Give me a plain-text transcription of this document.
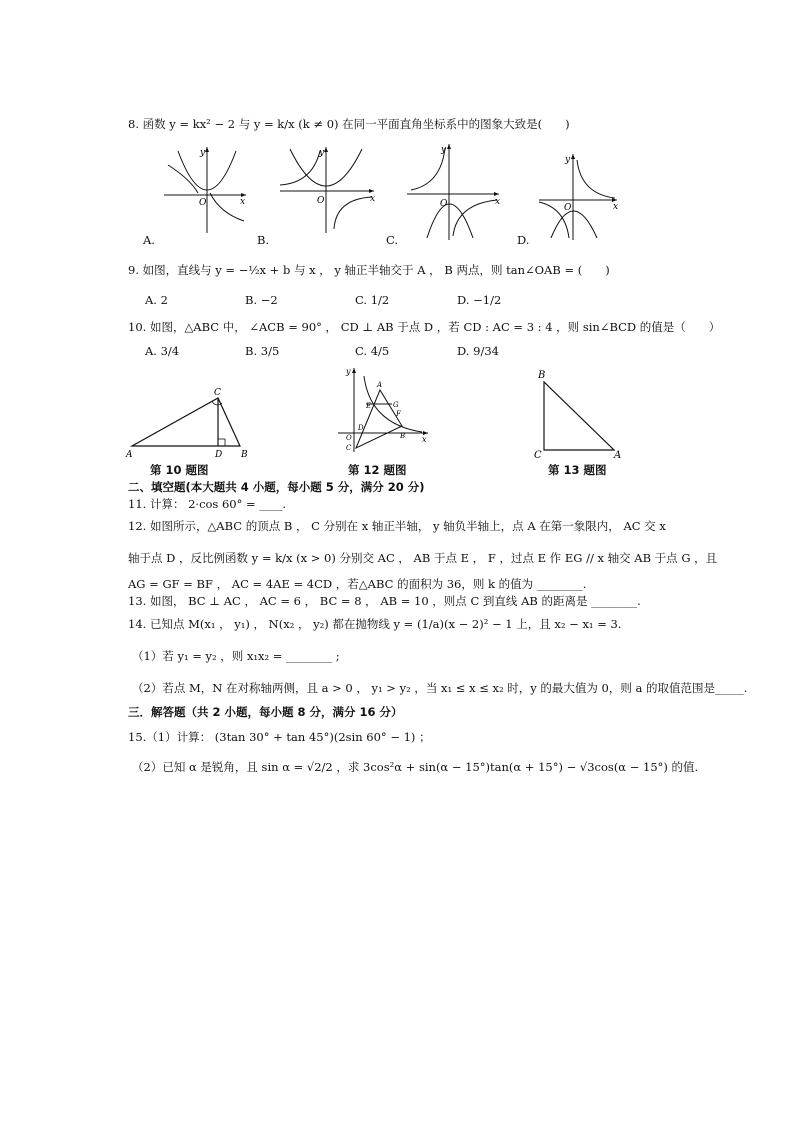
8. 函数 y = kx² − 2 与 y = k/x (k ≠ 0) 在同一平面直角坐标系中的图象大致是(　　)
y
x
O
A.
y
x
O
B.
y
x
O
C.
y
x
O
D.
9. 如图，直线与 y = −½x + b 与 x ， y 轴正半轴交于 A ， B 两点，则 tan∠OAB = (　　)
A. 2	B. −2	C. 1/2	D. −1/2
10. 如图，△ABC 中， ∠ACB = 90° ， CD ⊥ AB 于点 D ，若 CD : AC = 3 : 4 ，则 sin∠BCD 的值是（　　）
A. 3/4	B. 3/5	C. 4/5	D. 9/34
C
A	D B
第 10 题图
y
x
A
E	G
F
D
O	B
C
第 12 题图
B
C	A
第 13 题图
二、填空题(本大题共 4 小题，每小题 5 分，满分 20 分)
11. 计算： 2·cos 60° = ____.
12. 如图所示，△ABC 的顶点 B ， C 分别在 x 轴正半轴， y 轴负半轴上，点 A 在第一象限内， AC 交 x
轴于点 D ，反比例函数 y = k/x (x > 0) 分别交 AC ， AB 于点 E ， F ，过点 E 作 EG // x 轴交 AB 于点 G ，且
AG = GF = BF ， AC = 4AE = 4CD ，若△ABC 的面积为 36，则 k 的值为 ________.
13. 如图， BC ⊥ AC ， AC = 6 ， BC = 8 ， AB = 10 ，则点 C 到直线 AB 的距离是 ________.
14. 已知点 M(x₁ ， y₁) ， N(x₂ ， y₂) 都在抛物线 y = (1/a)(x − 2)² − 1 上，且 x₂ − x₁ = 3.
（1）若 y₁ = y₂ ，则 x₁x₂ = ________ ;
（2）若点 M，N 在对称轴两侧，且 a > 0 ， y₁ > y₂ ，当 x₁ ≤ x ≤ x₂ 时，y 的最大值为 0，则 a 的取值范围是_____.
三．解答题（共 2 小题，每小题 8 分，满分 16 分）
15.（1）计算： (3tan 30° + tan 45°)(2sin 60° − 1) ；
（2）已知 α 是锐角，且 sin α = √2/2 ，求 3cos²α + sin(α − 15°)tan(α + 15°) − √3cos(α − 15°) 的值.
